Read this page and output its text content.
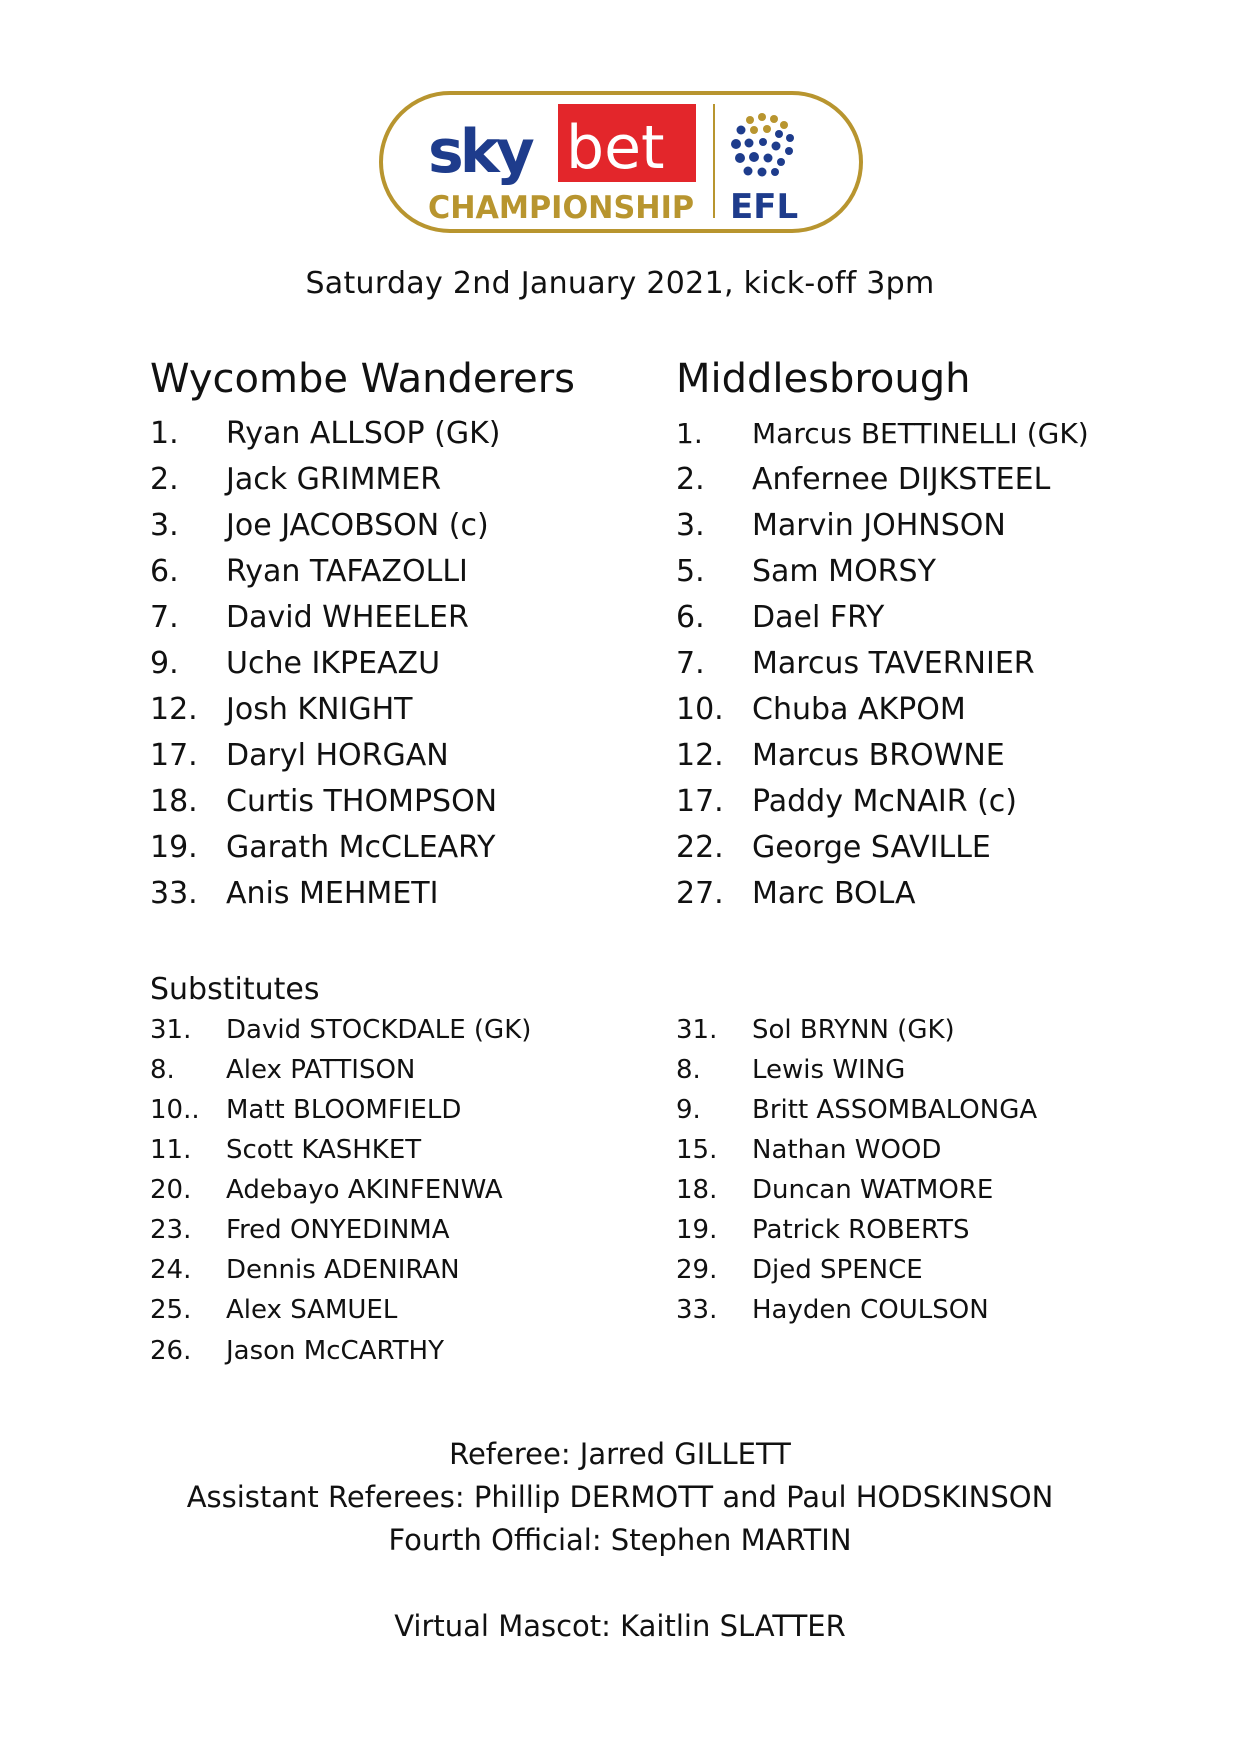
sky bet
CHAMPIONSHIP EFL
Saturday 2nd January 2021, kick-off 3pm
Wycombe Wanderers	Middlesbrough
1. Ryan ALLSOP (GK)
2. Jack GRIMMER
3. Joe JACOBSON (c)
6. Ryan TAFAZOLLI
7. David WHEELER
9. Uche IKPEAZU
12. Josh KNIGHT
17. Daryl HORGAN
18. Curtis THOMPSON
19. Garath McCLEARY
33. Anis MEHMETI
1. Marcus BETTINELLI (GK)
2. Anfernee DIJKSTEEL
3. Marvin JOHNSON
5. Sam MORSY
6. Dael FRY
7. Marcus TAVERNIER
10. Chuba AKPOM
12. Marcus BROWNE
17. Paddy McNAIR (c)
22. George SAVILLE
27. Marc BOLA
Substitutes
31. David STOCKDALE (GK)
8. Alex PATTISON
10.. Matt BLOOMFIELD
11. Scott KASHKET
20. Adebayo AKINFENWA
23. Fred ONYEDINMA
24. Dennis ADENIRAN
25. Alex SAMUEL
26. Jason McCARTHY
31. Sol BRYNN (GK)
8. Lewis WING
9. Britt ASSOMBALONGA
15. Nathan WOOD
18. Duncan WATMORE
19. Patrick ROBERTS
29. Djed SPENCE
33. Hayden COULSON
Referee: Jarred GILLETT
Assistant Referees: Phillip DERMOTT and Paul HODSKINSON
Fourth Official: Stephen MARTIN
Virtual Mascot: Kaitlin SLATTER
